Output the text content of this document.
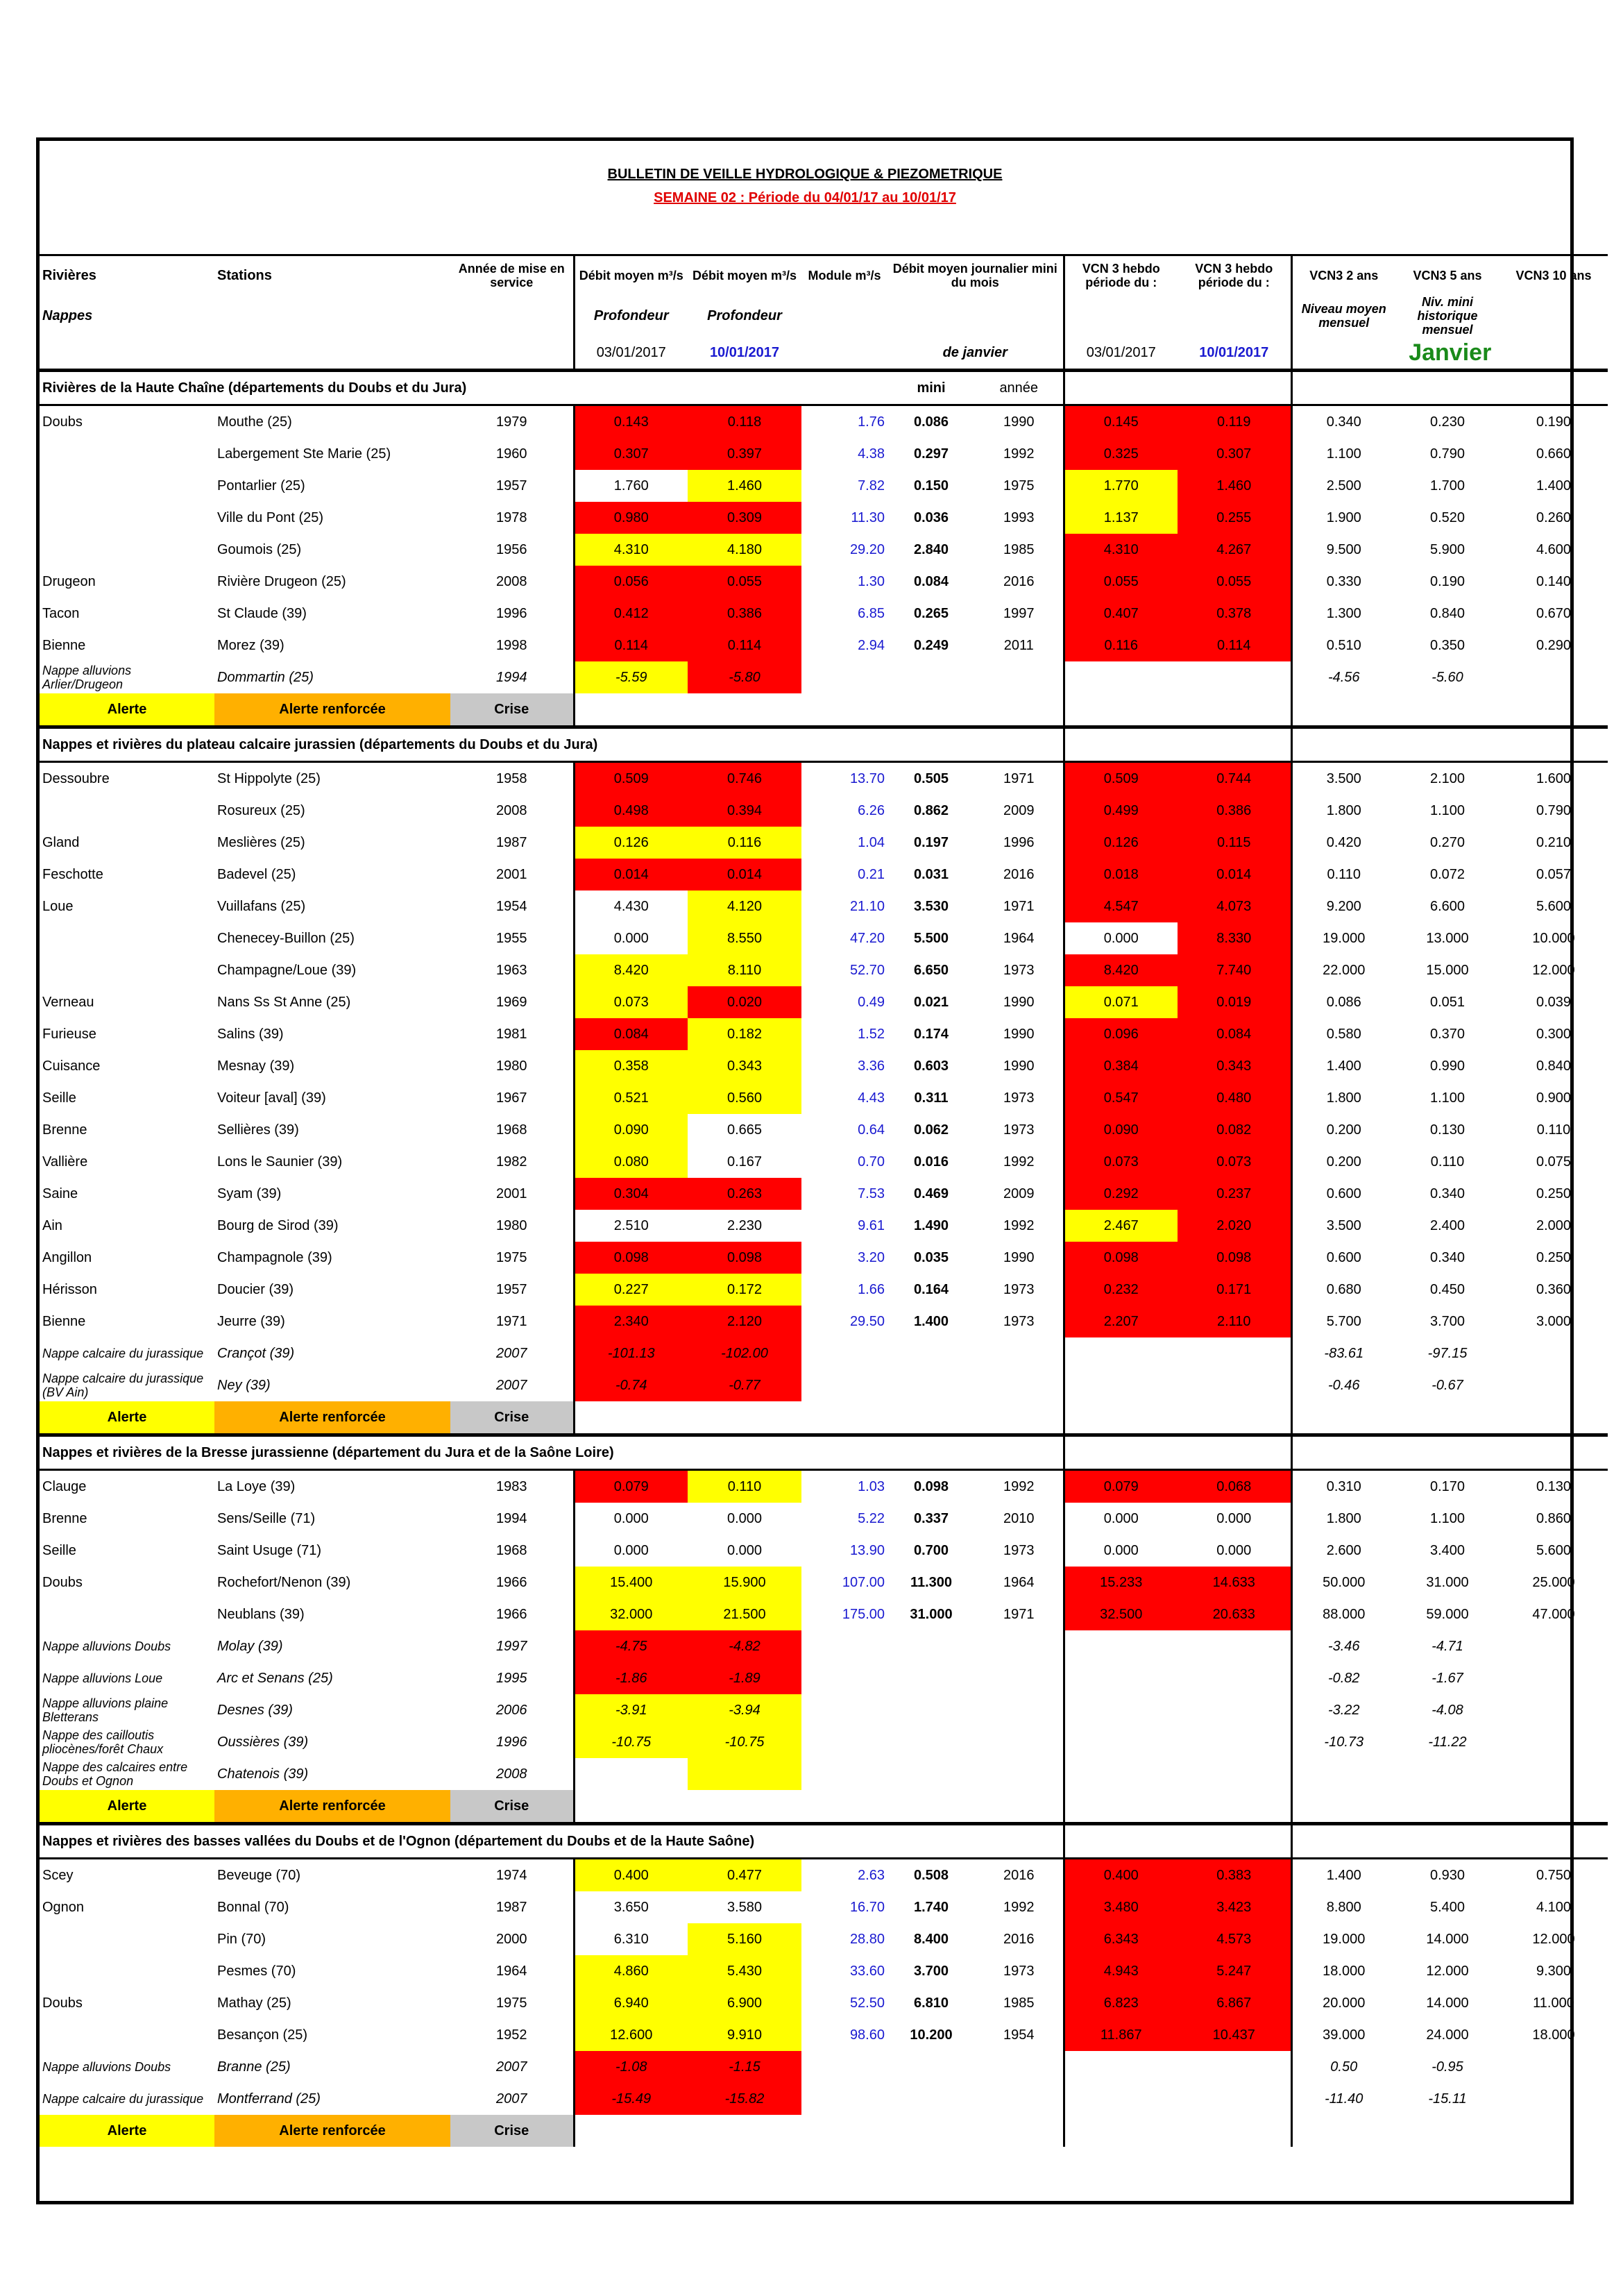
BULLETIN DE VEILLE HYDROLOGIQUE & PIEZOMETRIQUE
SEMAINE 02 : Période du 04/01/17 au 10/01/17
Rivières	Stations	Année de mise en service	Débit moyen m³/s	Débit moyen m³/s	Module m³/s	Débit moyen journalier mini du mois		VCN 3 hebdo période du :	VCN 3 hebdo période du :	VCN3 2 ans	VCN3 5 ans	VCN3 10 ans
Nappes			Profondeur	Profondeur						Niveau moyen mensuel	Niv. mini historique mensuel	
			03/01/2017	10/01/2017		de janvier		03/01/2017	10/01/2017	Janvier		
Rivières de la Haute Chaîne (départements du Doubs et du Jura)						mini	année					
Doubs	Mouthe (25)	1979	0.143	0.118	1.76	0.086	1990	0.145	0.119	0.340	0.230	0.190
	Labergement Ste Marie (25)	1960	0.307	0.397	4.38	0.297	1992	0.325	0.307	1.100	0.790	0.660
	Pontarlier (25)	1957	1.760	1.460	7.82	0.150	1975	1.770	1.460	2.500	1.700	1.400
	Ville du Pont (25)	1978	0.980	0.309	11.30	0.036	1993	1.137	0.255	1.900	0.520	0.260
	Goumois (25)	1956	4.310	4.180	29.20	2.840	1985	4.310	4.267	9.500	5.900	4.600
Drugeon	Rivière Drugeon (25)	2008	0.056	0.055	1.30	0.084	2016	0.055	0.055	0.330	0.190	0.140
Tacon	St Claude (39)	1996	0.412	0.386	6.85	0.265	1997	0.407	0.378	1.300	0.840	0.670
Bienne	Morez (39)	1998	0.114	0.114	2.94	0.249	2011	0.116	0.114	0.510	0.350	0.290
Nappe alluvions Arlier/Drugeon	Dommartin (25)	1994	-5.59	-5.80						-4.56	-5.60	
Alerte	Alerte renforcée	Crise										
Nappes et rivières du plateau calcaire jurassien (départements du Doubs et du Jura)												
Dessoubre	St Hippolyte (25)	1958	0.509	0.746	13.70	0.505	1971	0.509	0.744	3.500	2.100	1.600
	Rosureux (25)	2008	0.498	0.394	6.26	0.862	2009	0.499	0.386	1.800	1.100	0.790
Gland	Meslières (25)	1987	0.126	0.116	1.04	0.197	1996	0.126	0.115	0.420	0.270	0.210
Feschotte	Badevel (25)	2001	0.014	0.014	0.21	0.031	2016	0.018	0.014	0.110	0.072	0.057
Loue	Vuillafans (25)	1954	4.430	4.120	21.10	3.530	1971	4.547	4.073	9.200	6.600	5.600
	Chenecey-Buillon (25)	1955	0.000	8.550	47.20	5.500	1964	0.000	8.330	19.000	13.000	10.000
	Champagne/Loue (39)	1963	8.420	8.110	52.70	6.650	1973	8.420	7.740	22.000	15.000	12.000
Verneau	Nans Ss St Anne (25)	1969	0.073	0.020	0.49	0.021	1990	0.071	0.019	0.086	0.051	0.039
Furieuse	Salins (39)	1981	0.084	0.182	1.52	0.174	1990	0.096	0.084	0.580	0.370	0.300
Cuisance	Mesnay (39)	1980	0.358	0.343	3.36	0.603	1990	0.384	0.343	1.400	0.990	0.840
Seille	Voiteur [aval] (39)	1967	0.521	0.560	4.43	0.311	1973	0.547	0.480	1.800	1.100	0.900
Brenne	Sellières (39)	1968	0.090	0.665	0.64	0.062	1973	0.090	0.082	0.200	0.130	0.110
Vallière	Lons le Saunier (39)	1982	0.080	0.167	0.70	0.016	1992	0.073	0.073	0.200	0.110	0.075
Saine	Syam (39)	2001	0.304	0.263	7.53	0.469	2009	0.292	0.237	0.600	0.340	0.250
Ain	Bourg de Sirod (39)	1980	2.510	2.230	9.61	1.490	1992	2.467	2.020	3.500	2.400	2.000
Angillon	Champagnole (39)	1975	0.098	0.098	3.20	0.035	1990	0.098	0.098	0.600	0.340	0.250
Hérisson	Doucier (39)	1957	0.227	0.172	1.66	0.164	1973	0.232	0.171	0.680	0.450	0.360
Bienne	Jeurre (39)	1971	2.340	2.120	29.50	1.400	1973	2.207	2.110	5.700	3.700	3.000
Nappe calcaire du jurassique	Crançot (39)	2007	-101.13	-102.00						-83.61	-97.15	
Nappe calcaire du jurassique (BV Ain)	Ney (39)	2007	-0.74	-0.77						-0.46	-0.67	
Alerte	Alerte renforcée	Crise										
Nappes et rivières de la Bresse jurassienne (département du Jura et de la Saône Loire)												
Clauge	La Loye (39)	1983	0.079	0.110	1.03	0.098	1992	0.079	0.068	0.310	0.170	0.130
Brenne	Sens/Seille (71)	1994	0.000	0.000	5.22	0.337	2010	0.000	0.000	1.800	1.100	0.860
Seille	Saint Usuge (71)	1968	0.000	0.000	13.90	0.700	1973	0.000	0.000	2.600	3.400	5.600
Doubs	Rochefort/Nenon (39)	1966	15.400	15.900	107.00	11.300	1964	15.233	14.633	50.000	31.000	25.000
	Neublans (39)	1966	32.000	21.500	175.00	31.000	1971	32.500	20.633	88.000	59.000	47.000
Nappe alluvions Doubs	Molay (39)	1997	-4.75	-4.82						-3.46	-4.71	
Nappe alluvions Loue	Arc et Senans (25)	1995	-1.86	-1.89						-0.82	-1.67	
Nappe alluvions plaine Bletterans	Desnes (39)	2006	-3.91	-3.94						-3.22	-4.08	
Nappe des cailloutis pliocènes/forêt Chaux	Oussières (39)	1996	-10.75	-10.75						-10.73	-11.22	
Nappe des calcaires entre Doubs et Ognon	Chatenois (39)	2008										
Alerte	Alerte renforcée	Crise										
Nappes et rivières des basses vallées du Doubs et de l'Ognon (département du Doubs et de la Haute Saône)												
Scey	Beveuge (70)	1974	0.400	0.477	2.63	0.508	2016	0.400	0.383	1.400	0.930	0.750
Ognon	Bonnal (70)	1987	3.650	3.580	16.70	1.740	1992	3.480	3.423	8.800	5.400	4.100
	Pin (70)	2000	6.310	5.160	28.80	8.400	2016	6.343	4.573	19.000	14.000	12.000
	Pesmes (70)	1964	4.860	5.430	33.60	3.700	1973	4.943	5.247	18.000	12.000	9.300
Doubs	Mathay (25)	1975	6.940	6.900	52.50	6.810	1985	6.823	6.867	20.000	14.000	11.000
	Besançon (25)	1952	12.600	9.910	98.60	10.200	1954	11.867	10.437	39.000	24.000	18.000
Nappe alluvions Doubs	Branne (25)	2007	-1.08	-1.15						0.50	-0.95	
Nappe calcaire du jurassique	Montferrand (25)	2007	-15.49	-15.82						-11.40	-15.11	
Alerte	Alerte renforcée	Crise										
